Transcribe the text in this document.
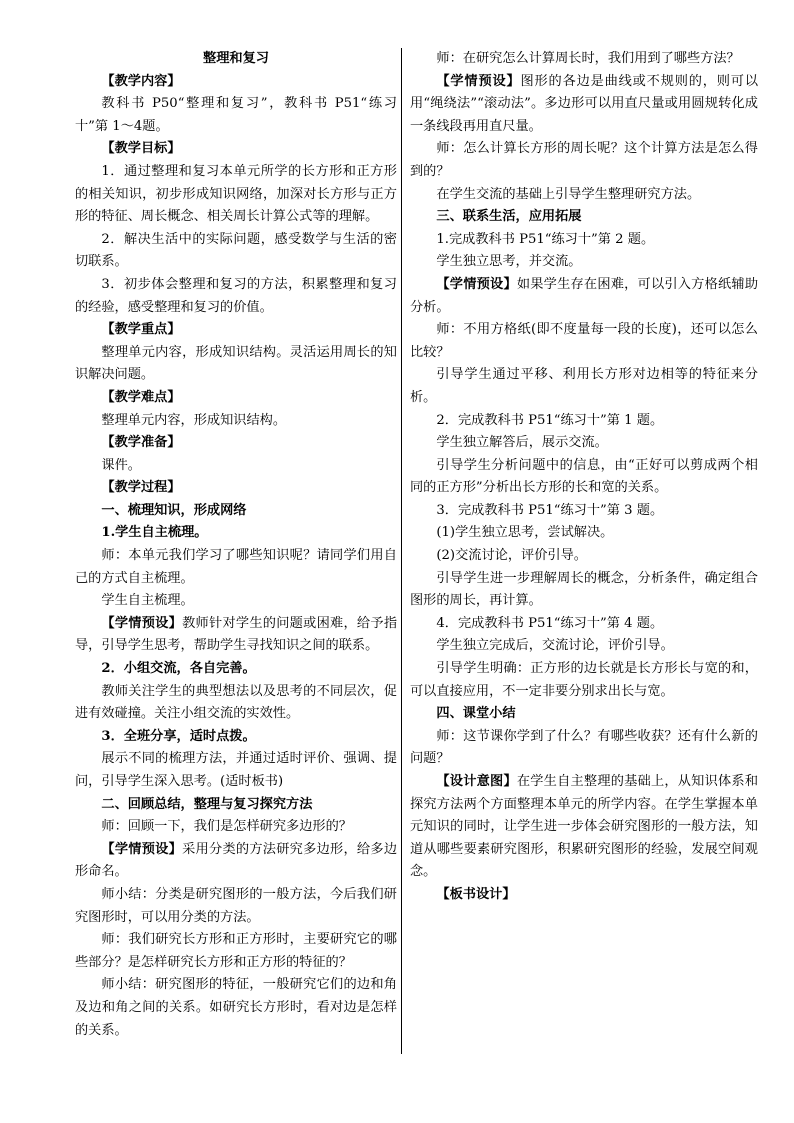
整理和复习

【教学内容】

教科书 P50“整理和复习”，教科书 P51“练习十”第 1～4题。

【教学目标】

1．通过整理和复习本单元所学的长方形和正方形的相关知识，初步形成知识网络，加深对长方形与正方形的特征、周长概念、相关周长计算公式等的理解。

2．解决生活中的实际问题，感受数学与生活的密切联系。

3．初步体会整理和复习的方法，积累整理和复习的经验，感受整理和复习的价值。

【教学重点】

整理单元内容，形成知识结构。灵活运用周长的知识解决问题。

【教学难点】

整理单元内容，形成知识结构。

【教学准备】

课件。

【教学过程】

一、梳理知识，形成网络

1.学生自主梳理。

师：本单元我们学习了哪些知识呢？请同学们用自己的方式自主梳理。

学生自主梳理。

【学情预设】教师针对学生的问题或困难，给予指导，引导学生思考，帮助学生寻找知识之间的联系。

2．小组交流，各自完善。

教师关注学生的典型想法以及思考的不同层次，促进有效碰撞。关注小组交流的实效性。

3．全班分享，适时点拨。

展示不同的梳理方法，并通过适时评价、强调、提问，引导学生深入思考。(适时板书)

二、回顾总结，整理与复习探究方法

师：回顾一下，我们是怎样研究多边形的？

【学情预设】采用分类的方法研究多边形，给多边形命名。

师小结：分类是研究图形的一般方法，今后我们研究图形时，可以用分类的方法。

师：我们研究长方形和正方形时，主要研究它的哪些部分？是怎样研究长方形和正方形的特征的？

师小结：研究图形的特征，一般研究它们的边和角及边和角之间的关系。如研究长方形时，看对边是怎样的关系。

师：在研究怎么计算周长时，我们用到了哪些方法？

【学情预设】图形的各边是曲线或不规则的，则可以用“绳绕法”“滚动法”。多边形可以用直尺量或用圆规转化成一条线段再用直尺量。

师：怎么计算长方形的周长呢？这个计算方法是怎么得到的？

在学生交流的基础上引导学生整理研究方法。

三、联系生活，应用拓展

1.完成教科书 P51“练习十”第 2 题。

学生独立思考，并交流。

【学情预设】如果学生存在困难，可以引入方格纸辅助分析。

师：不用方格纸(即不度量每一段的长度)，还可以怎么比较？

引导学生通过平移、利用长方形对边相等的特征来分析。

2．完成教科书 P51“练习十”第 1 题。

学生独立解答后，展示交流。

引导学生分析问题中的信息，由“正好可以剪成两个相同的正方形”分析出长方形的长和宽的关系。

3．完成教科书 P51“练习十”第 3 题。

(1)学生独立思考，尝试解决。

(2)交流讨论，评价引导。

引导学生进一步理解周长的概念，分析条件，确定组合图形的周长，再计算。

4．完成教科书 P51“练习十”第 4 题。

学生独立完成后，交流讨论，评价引导。

引导学生明确：正方形的边长就是长方形长与宽的和，可以直接应用，不一定非要分别求出长与宽。

四、课堂小结

师：这节课你学到了什么？有哪些收获？还有什么新的问题？

【设计意图】在学生自主整理的基础上，从知识体系和探究方法两个方面整理本单元的所学内容。在学生掌握本单元知识的同时，让学生进一步体会研究图形的一般方法，知道从哪些要素研究图形，积累研究图形的经验，发展空间观念。

【板书设计】
